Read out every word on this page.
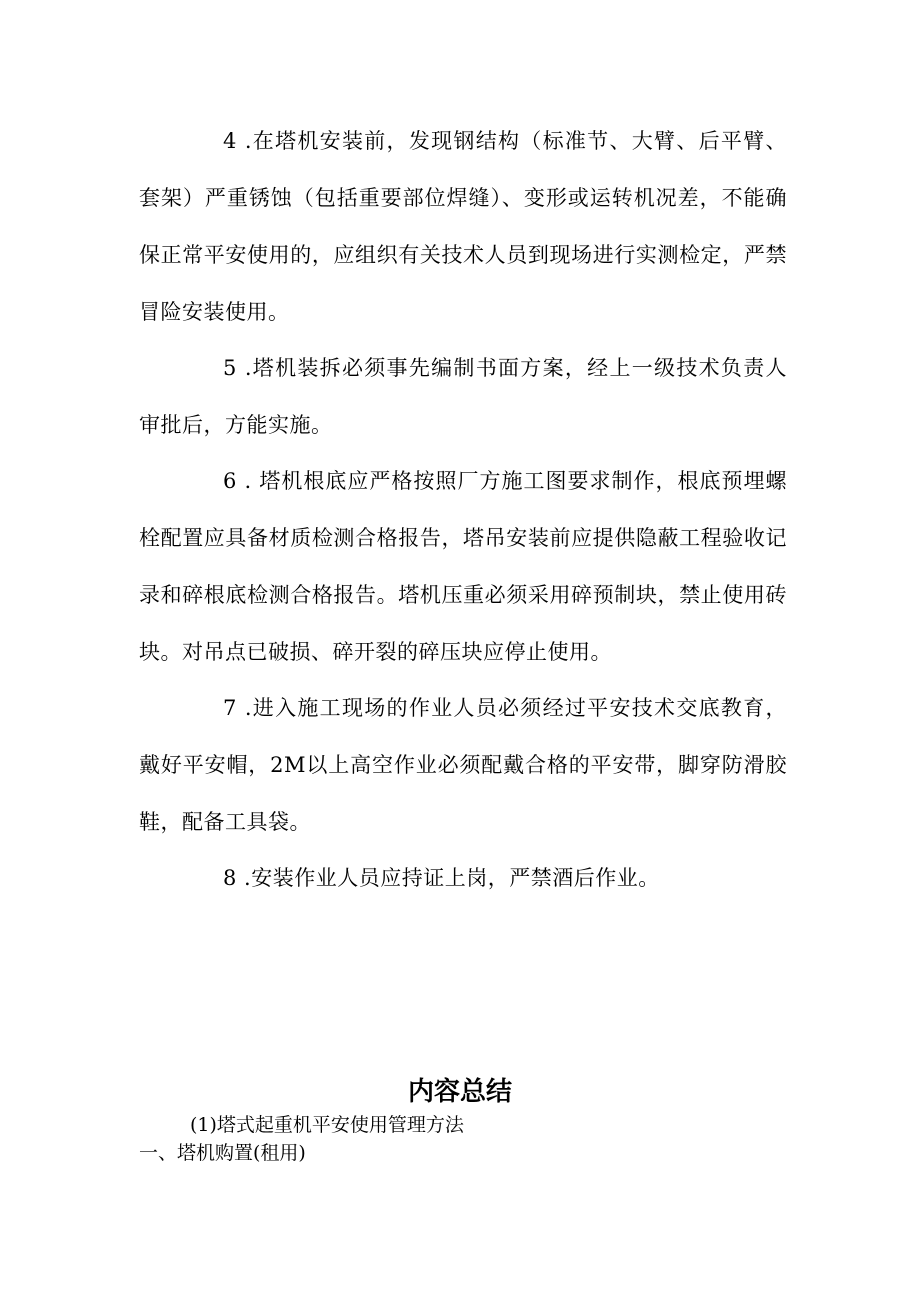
4 .在塔机安装前，发现钢结构（标准节、大臂、后平臂、套架）严重锈蚀（包括重要部位焊缝）、变形或运转机况差，不能确保正常平安使用的，应组织有关技术人员到现场进行实测检定，严禁冒险安装使用。

5 .塔机装拆必须事先编制书面方案，经上一级技术负责人审批后，方能实施。

6 . 塔机根底应严格按照厂方施工图要求制作，根底预埋螺栓配置应具备材质检测合格报告，塔吊安装前应提供隐蔽工程验收记录和碎根底检测合格报告。塔机压重必须采用碎预制块，禁止使用砖块。对吊点已破损、碎开裂的碎压块应停止使用。

7 .进入施工现场的作业人员必须经过平安技术交底教育，戴好平安帽，2M以上高空作业必须配戴合格的平安带，脚穿防滑胶鞋，配备工具袋。

8 .安装作业人员应持证上岗，严禁酒后作业。

内容总结

(1)塔式起重机平安使用管理方法

一、塔机购置(租用)
